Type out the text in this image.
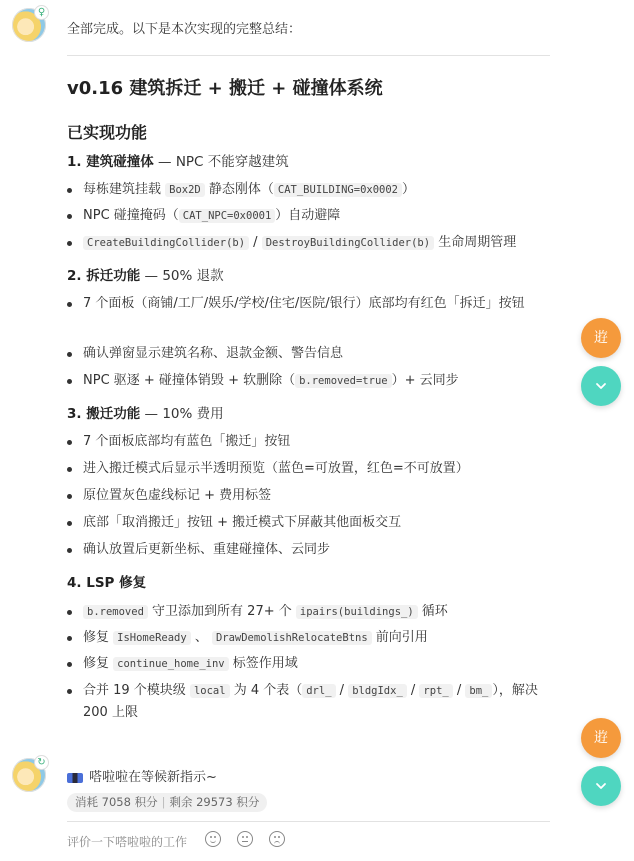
♀
全部完成。以下是本次实现的完整总结：
v0.16 建筑拆迁 + 搬迁 + 碰撞体系统
已实现功能
1. 建筑碰撞体 — NPC 不能穿越建筑
每栋建筑挂载 Box2D 静态刚体（ CAT_BUILDING=0x0002 ）
NPC 碰撞掩码（ CAT_NPC=0x0001 ）自动避障
CreateBuildingCollider(b) / DestroyBuildingCollider(b) 生命周期管理
2. 拆迁功能 — 50% 退款
7 个面板（商铺/工厂/娱乐/学校/住宅/医院/银行）底部均有红色「拆迁」按钮
确认弹窗显示建筑名称、退款金额、警告信息
NPC 驱逐 + 碰撞体销毁 + 软删除（ b.removed=true ）+ 云同步
3. 搬迁功能 — 10% 费用
7 个面板底部均有蓝色「搬迁」按钮
进入搬迁模式后显示半透明预览（蓝色=可放置，红色=不可放置）
原位置灰色虚线标记 + 费用标签
底部「取消搬迁」按钮 + 搬迁模式下屏蔽其他面板交互
确认放置后更新坐标、重建碰撞体、云同步
4. LSP 修复
b.removed 守卫添加到所有 27+ 个 ipairs(buildings_) 循环
修复 IsHomeReady 、 DrawDemolishRelocateBtns 前向引用
修复 continue_home_inv 标签作用域
合并 19 个模块级 local 为 4 个表（ drl_ / bldgIdx_ / rpt_ / bm_ ），解决 200 上限
逰
逰
↻
嗒啦啦在等候新指示~
消耗 7058 积分 | 剩余 29573 积分
评价一下嗒啦啦的工作
